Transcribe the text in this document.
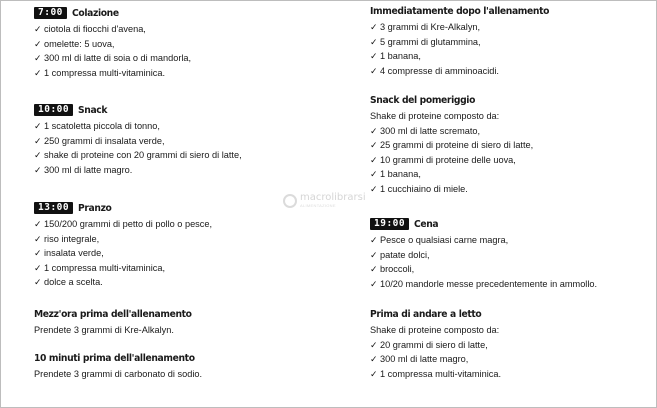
7:00 Colazione
✓ ciotola di fiocchi d'avena,
✓ omelette: 5 uova,
✓ 300 ml di latte di soia o di mandorla,
✓ 1 compressa multi-vitaminica.
10:00 Snack
✓ 1 scatoletta piccola di tonno,
✓ 250 grammi di insalata verde,
✓ shake di proteine con 20 grammi di siero di latte,
✓ 300 ml di latte magro.
13:00 Pranzo
✓ 150/200 grammi di petto di pollo o pesce,
✓ riso integrale,
✓ insalata verde,
✓ 1 compressa multi-vitaminica,
✓ dolce a scelta.
Mezz'ora prima dell'allenamento
Prendete 3 grammi di Kre-Alkalyn.
10 minuti prima dell'allenamento
Prendete 3 grammi di carbonato di sodio.
Immediatamente dopo l'allenamento
✓ 3 grammi di Kre-Alkalyn,
✓ 5 grammi di glutammina,
✓ 1 banana,
✓ 4 compresse di amminoacidi.
Snack del pomeriggio
Shake di proteine composto da:
✓ 300 ml di latte scremato,
✓ 25 grammi di proteine di siero di latte,
✓ 10 grammi di proteine delle uova,
✓ 1 banana,
✓ 1 cucchiaino di miele.
19:00 Cena
✓ Pesce o qualsiasi carne magra,
✓ patate dolci,
✓ broccoli,
✓ 10/20 mandorle messe precedentemente in ammollo.
Prima di andare a letto
Shake di proteine composto da:
✓ 20 grammi di siero di latte,
✓ 300 ml di latte magro,
✓ 1 compressa multi-vitaminica.
macrolibrarsi
ALIMENTAZIONE
